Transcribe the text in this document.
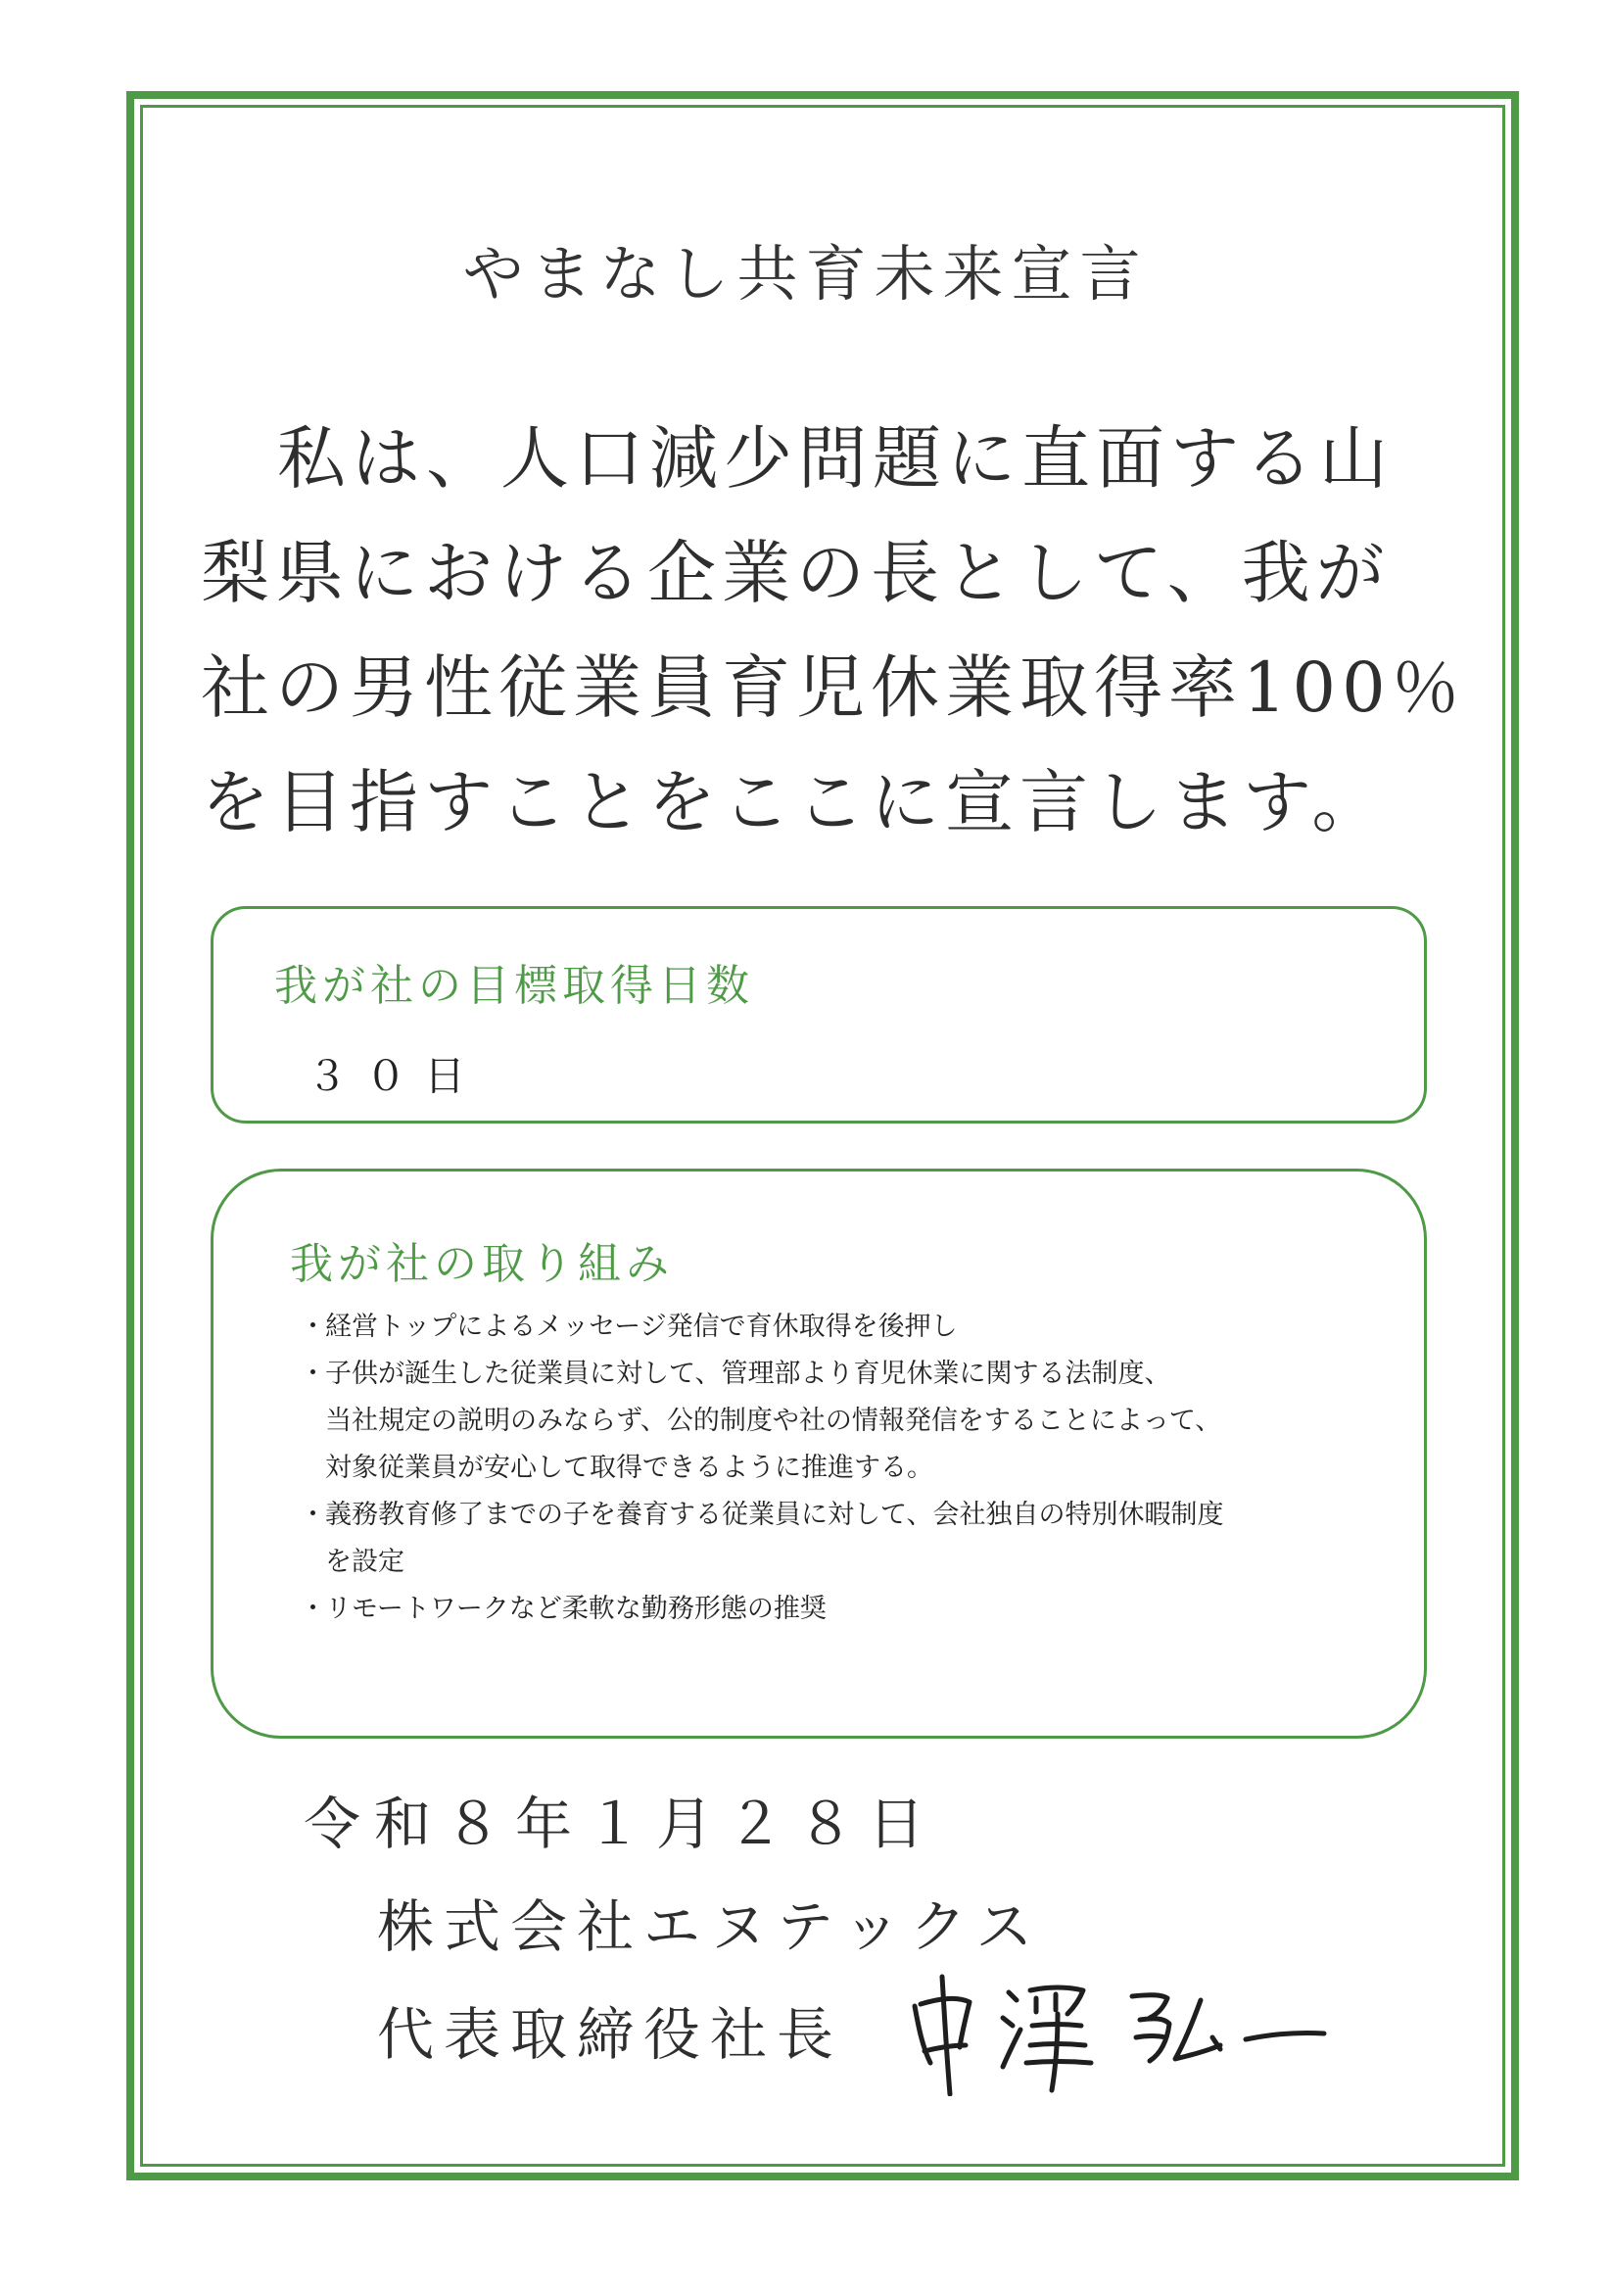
やまなし共育未来宣言
私は、人口減少問題に直面する山
梨県における企業の長として、我が
社の男性従業員育児休業取得率100％
を目指すことをここに宣言します。
我が社の目標取得日数
３０日
我が社の取り組み
・ 経営トップによるメッセージ発信で育休取得を後押し
・ 子供が誕生した従業員に対して、管理部より育児休業に関する法制度、
当社規定の説明のみならず、公的制度や社の情報発信をすることによって、
対象従業員が安心して取得できるように推進する。
・ 義務教育修了までの子を養育する従業員に対して、会社独自の特別休暇制度
を設定
・ リモートワークなど柔軟な勤務形態の推奨
令和８年１月２８日
株式会社エヌテックス
代表取締役社長
